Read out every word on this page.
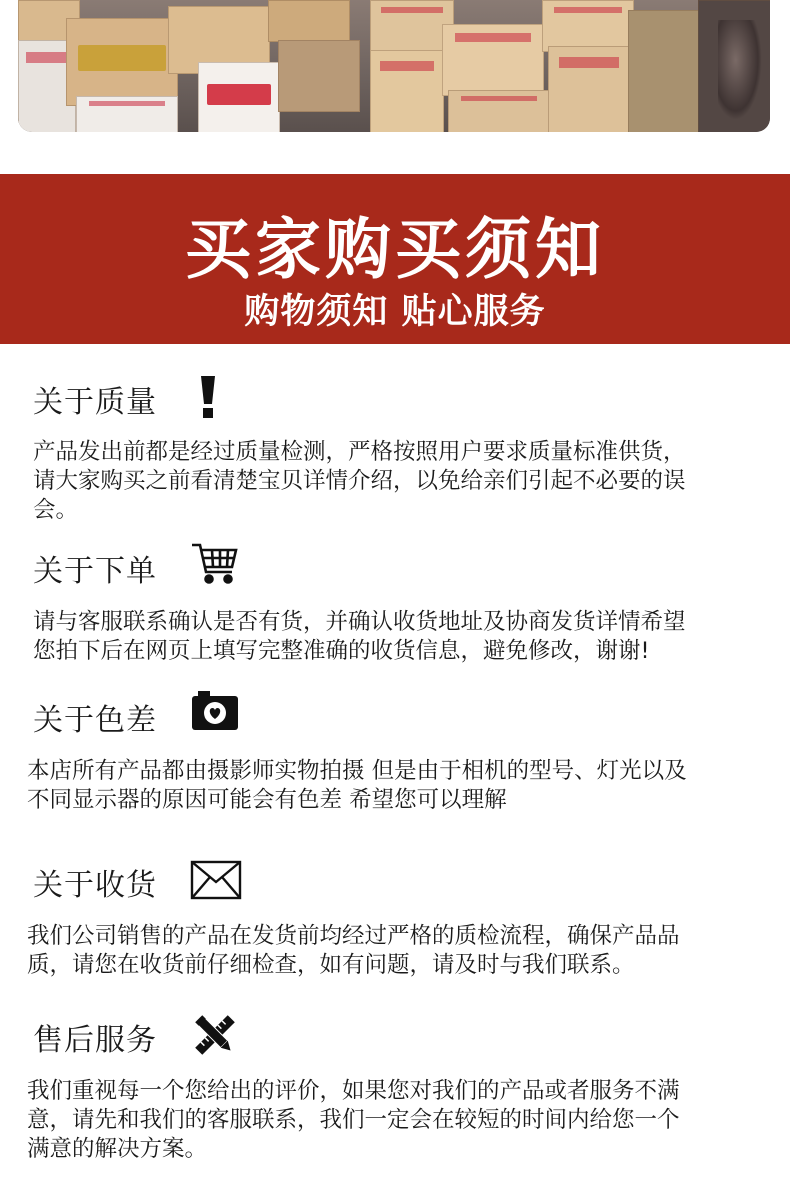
买家购买须知
购物须知 贴心服务
关于质量
产品发出前都是经过质量检测，严格按照用户要求质量标准供货，
请大家购买之前看清楚宝贝详情介绍，以免给亲们引起不必要的误
会。
关于下单
请与客服联系确认是否有货，并确认收货地址及协商发货详情希望
您拍下后在网页上填写完整准确的收货信息，避免修改，谢谢!
关于色差
本店所有产品都由摄影师实物拍摄 但是由于相机的型号、灯光以及
不同显示器的原因可能会有色差 希望您可以理解
关于收货
我们公司销售的产品在发货前均经过严格的质检流程，确保产品品
质，请您在收货前仔细检查，如有问题，请及时与我们联系。
售后服务
我们重视每一个您给出的评价，如果您对我们的产品或者服务不满
意，请先和我们的客服联系，我们一定会在较短的时间内给您一个
满意的解决方案。
